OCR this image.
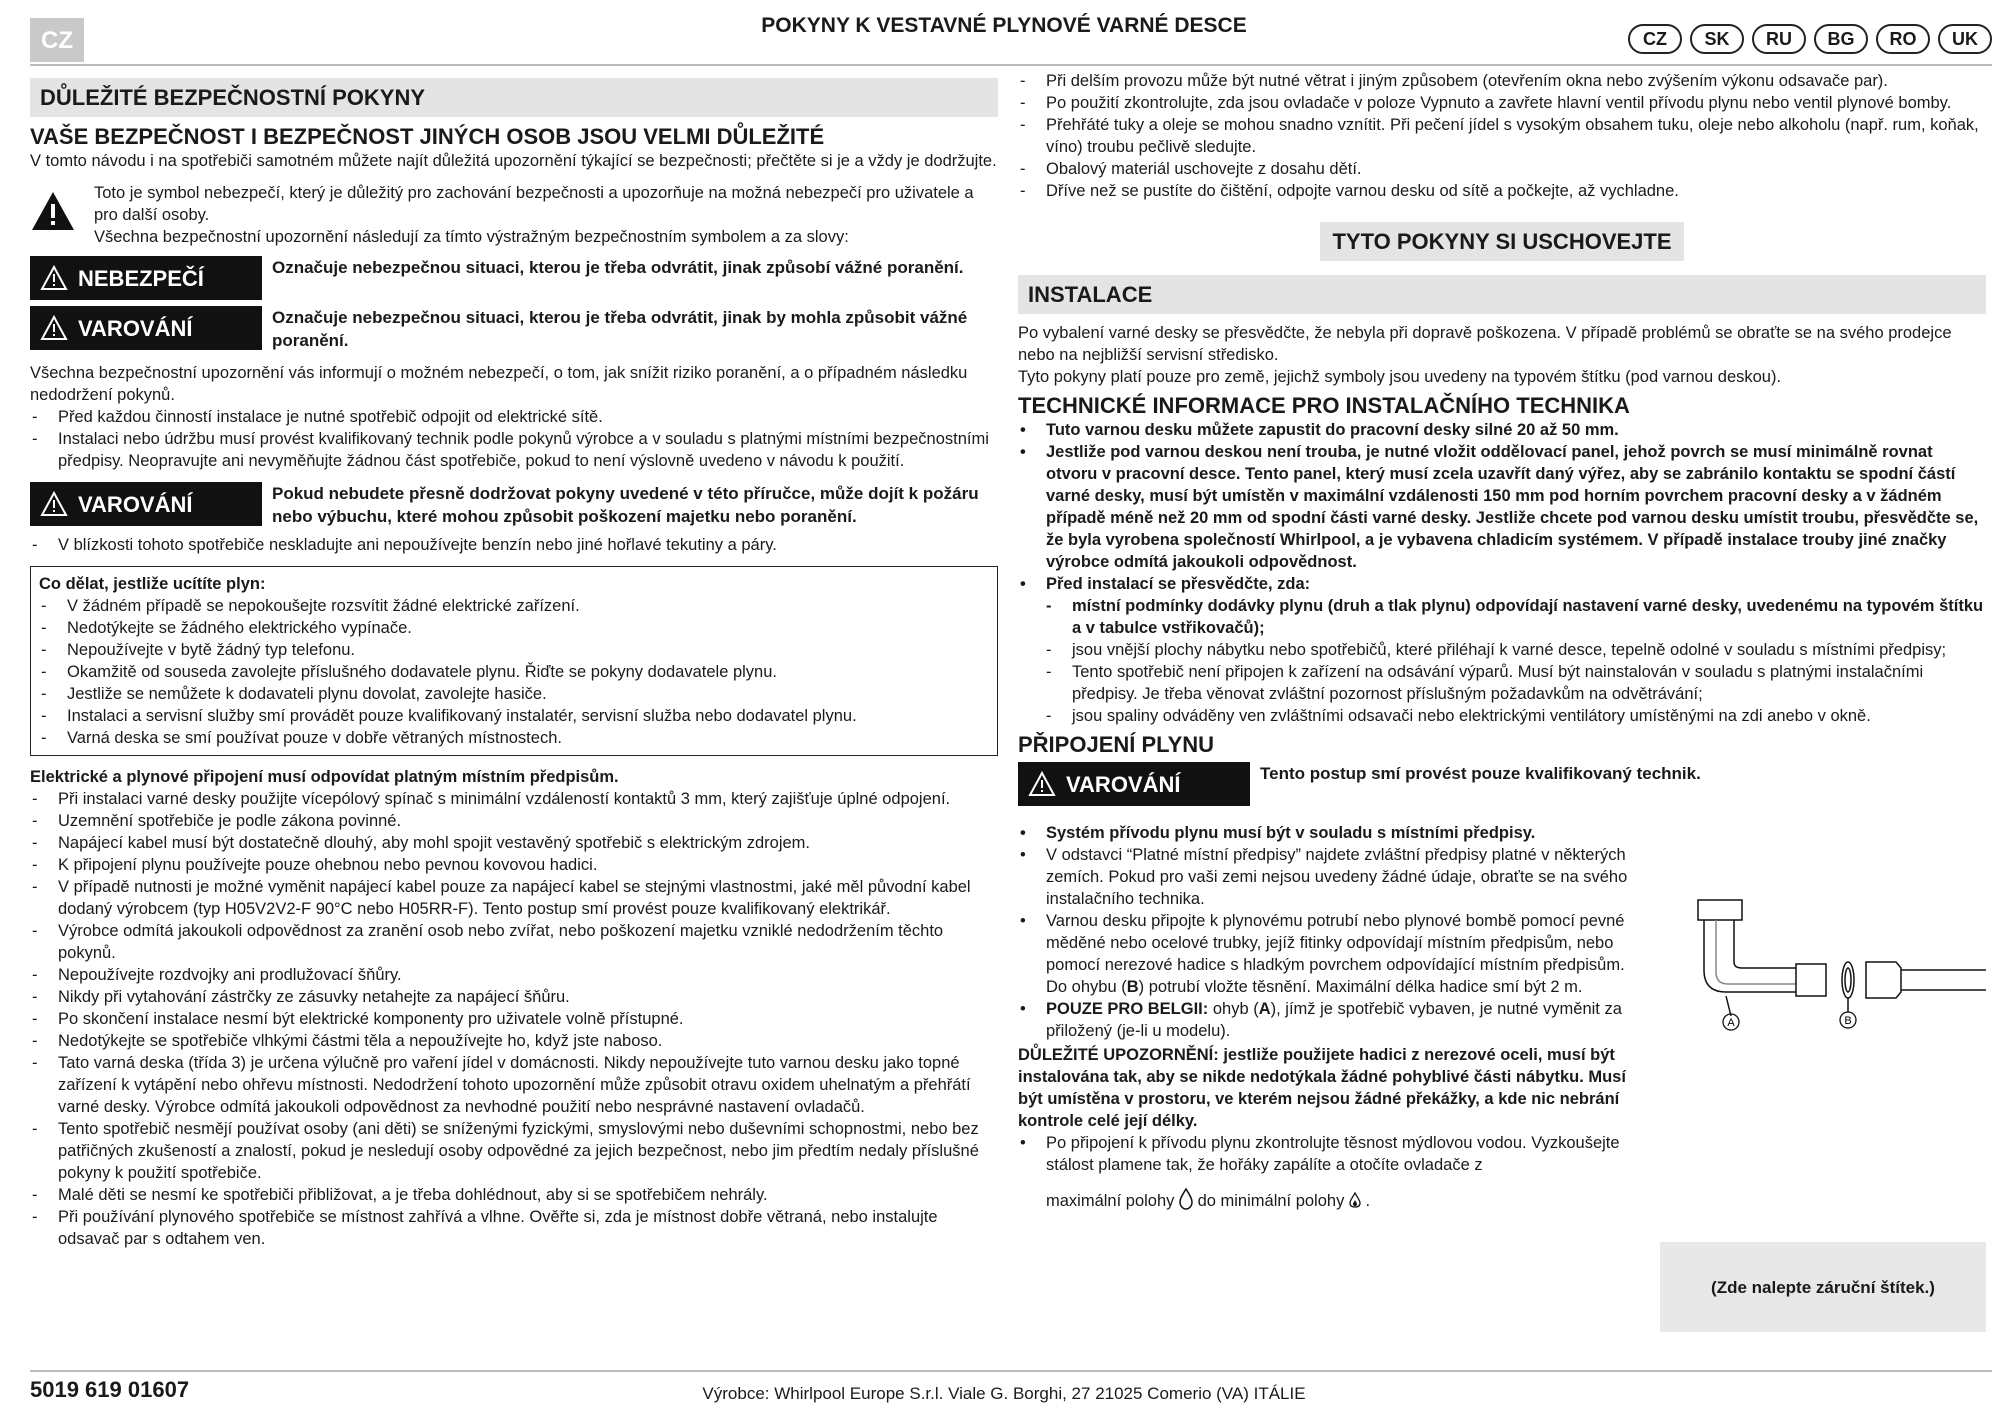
CZ
POKYNY K VESTAVNÉ PLYNOVÉ VARNÉ DESCE
CZ	SK	RU	BG	RO	UK
DŮLEŽITÉ BEZPEČNOSTNÍ POKYNY
VAŠE BEZPEČNOST I BEZPEČNOST JINÝCH OSOB JSOU VELMI DŮLEŽITÉ

V tomto návodu i na spotřebiči samotném můžete najít důležitá upozornění týkající se bezpečnosti; přečtěte si je a vždy je dodržujte.

Toto je symbol nebezpečí, který je důležitý pro zachování bezpečnosti a upozorňuje na možná nebezpečí pro uživatele a pro další osoby.

Všechna bezpečnostní upozornění následují za tímto výstražným bezpečnostním symbolem a za slovy:

NEBEZPEČÍ	Označuje nebezpečnou situaci, kterou je třeba odvrátit, jinak způsobí vážné poranění.
VAROVÁNÍ	Označuje nebezpečnou situaci, kterou je třeba odvrátit, jinak by mohla způsobit vážné poranění.

Všechna bezpečnostní upozornění vás informují o možném nebezpečí, o tom, jak snížit riziko poranění, a o případném následku nedodržení pokynů.

- Před každou činností instalace je nutné spotřebič odpojit od elektrické sítě.
- Instalaci nebo údržbu musí provést kvalifikovaný technik podle pokynů výrobce a v souladu s platnými místními bezpečnostními předpisy. Neopravujte ani nevyměňujte žádnou část spotřebiče, pokud to není výslovně uvedeno v návodu k použití.
VAROVÁNÍ	Pokud nebudete přesně dodržovat pokyny uvedené v této příručce, může dojít k požáru nebo výbuchu, které mohou způsobit poškození majetku nebo poranění.
- V blízkosti tohoto spotřebiče neskladujte ani nepoužívejte benzín nebo jiné hořlavé tekutiny a páry.

Co dělat, jestliže ucítíte plyn:

- V žádném případě se nepokoušejte rozsvítit žádné elektrické zařízení.
- Nedotýkejte se žádného elektrického vypínače.
- Nepoužívejte v bytě žádný typ telefonu.
- Okamžitě od souseda zavolejte příslušného dodavatele plynu. Řiďte se pokyny dodavatele plynu.
- Jestliže se nemůžete k dodavateli plynu dovolat, zavolejte hasiče.
- Instalaci a servisní služby smí provádět pouze kvalifikovaný instalatér, servisní služba nebo dodavatel plynu.
- Varná deska se smí používat pouze v dobře větraných místnostech.

Elektrické a plynové připojení musí odpovídat platným místním předpisům.

- Při instalaci varné desky použijte vícepólový spínač s minimální vzdáleností kontaktů 3 mm, který zajišťuje úplné odpojení.
- Uzemnění spotřebiče je podle zákona povinné.
- Napájecí kabel musí být dostatečně dlouhý, aby mohl spojit vestavěný spotřebič s elektrickým zdrojem.
- K připojení plynu používejte pouze ohebnou nebo pevnou kovovou hadici.
- V případě nutnosti je možné vyměnit napájecí kabel pouze za napájecí kabel se stejnými vlastnostmi, jaké měl původní kabel dodaný výrobcem (typ H05V2V2-F 90°C nebo H05RR-F). Tento postup smí provést pouze kvalifikovaný elektrikář.
- Výrobce odmítá jakoukoli odpovědnost za zranění osob nebo zvířat, nebo poškození majetku vzniklé nedodržením těchto pokynů.
- Nepoužívejte rozdvojky ani prodlužovací šňůry.
- Nikdy při vytahování zástrčky ze zásuvky netahejte za napájecí šňůru.
- Po skončení instalace nesmí být elektrické komponenty pro uživatele volně přístupné.
- Nedotýkejte se spotřebiče vlhkými částmi těla a nepoužívejte ho, když jste naboso.
- Tato varná deska (třída 3) je určena výlučně pro vaření jídel v domácnosti. Nikdy nepoužívejte tuto varnou desku jako topné zařízení k vytápění nebo ohřevu místnosti. Nedodržení tohoto upozornění může způsobit otravu oxidem uhelnatým a přehřátí varné desky. Výrobce odmítá jakoukoli odpovědnost za nevhodné použití nebo nesprávné nastavení ovladačů.
- Tento spotřebič nesmějí používat osoby (ani děti) se sníženými fyzickými, smyslovými nebo duševními schopnostmi, nebo bez patřičných zkušeností a znalostí, pokud je nesledují osoby odpovědné za jejich bezpečnost, nebo jim předtím nedaly příslušné pokyny k použití spotřebiče.
- Malé děti se nesmí ke spotřebiči přibližovat, a je třeba dohlédnout, aby si se spotřebičem nehrály.
- Při používání plynového spotřebiče se místnost zahřívá a vlhne. Ověřte si, zda je místnost dobře větraná, nebo instalujte odsavač par s odtahem ven.
- Při delším provozu může být nutné větrat i jiným způsobem (otevřením okna nebo zvýšením výkonu odsavače par).
- Po použití zkontrolujte, zda jsou ovladače v poloze Vypnuto a zavřete hlavní ventil přívodu plynu nebo ventil plynové bomby.
- Přehřáté tuky a oleje se mohou snadno vznítit. Při pečení jídel s vysokým obsahem tuku, oleje nebo alkoholu (např. rum, koňak, víno) troubu pečlivě sledujte.
- Obalový materiál uschovejte z dosahu dětí.
- Dříve než se pustíte do čištění, odpojte varnou desku od sítě a počkejte, až vychladne.
TYTO POKYNY SI USCHOVEJTE
INSTALACE

Po vybalení varné desky se přesvědčte, že nebyla při dopravě poškozena. V případě problémů se obraťte se na svého prodejce nebo na nejbližší servisní středisko.

Tyto pokyny platí pouze pro země, jejichž symboly jsou uvedeny na typovém štítku (pod varnou deskou).

TECHNICKÉ INFORMACE PRO INSTALAČNÍHO TECHNIKA
• Tuto varnou desku můžete zapustit do pracovní desky silné 20 až 50 mm.
• Jestliže pod varnou deskou není trouba, je nutné vložit oddělovací panel, jehož povrch se musí minimálně rovnat otvoru v pracovní desce. Tento panel, který musí zcela uzavřít daný výřez, aby se zabránilo kontaktu se spodní částí varné desky, musí být umístěn v maximální vzdálenosti 150 mm pod horním povrchem pracovní desky a v žádném případě méně než 20 mm od spodní části varné desky. Jestliže chcete pod varnou desku umístit troubu, přesvědčte se, že byla vyrobena společností Whirlpool, a je vybavena chladicím systémem. V případě instalace trouby jiné značky výrobce odmítá jakoukoli odpovědnost.
• Před instalací se přesvědčte, zda:
- místní podmínky dodávky plynu (druh a tlak plynu) odpovídají nastavení varné desky, uvedenému na typovém štítku a v tabulce vstřikovačů);
- jsou vnější plochy nábytku nebo spotřebičů, které přiléhají k varné desce, tepelně odolné v souladu s místními předpisy;
- Tento spotřebič není připojen k zařízení na odsávání výparů. Musí být nainstalován v souladu s platnými instalačními předpisy. Je třeba věnovat zvláštní pozornost příslušným požadavkům na odvětrávání;
- jsou spaliny odváděny ven zvláštními odsavači nebo elektrickými ventilátory umístěnými na zdi anebo v okně.
PŘIPOJENÍ PLYNU
VAROVÁNÍ	Tento postup smí provést pouze kvalifikovaný technik.
• Systém přívodu plynu musí být v souladu s místními předpisy.
• V odstavci “Platné místní předpisy” najdete zvláštní předpisy platné v některých zemích. Pokud pro vaši zemi nejsou uvedeny žádné údaje, obraťte se na svého instalačního technika.
• Varnou desku připojte k plynovému potrubí nebo plynové bombě pomocí pevné měděné nebo ocelové trubky, jejíž fitinky odpovídají místním předpisům, nebo pomocí nerezové hadice s hladkým povrchem odpovídající místním předpisům. Do ohybu (B) potrubí vložte těsnění. Maximální délka hadice smí být 2 m.
• POUZE PRO BELGII: ohyb (A), jímž je spotřebič vybaven, je nutné vyměnit za přiložený (je-li u modelu).

DŮLEŽITÉ UPOZORNĚNÍ: jestliže použijete hadici z nerezové oceli, musí být instalována tak, aby se nikde nedotýkala žádné pohyblivé části nábytku. Musí být umístěna v prostoru, ve kterém nejsou žádné překážky, a kde nic nebrání kontrole celé její délky.

• Po připojení k přívodu plynu zkontrolujte těsnost mýdlovou vodou. Vyzkoušejte stálost plamene tak, že hořáky zapálíte a otočíte ovladače z
maximální polohy  do minimální polohy .
A	B
(Zde nalepte záruční štítek.)
5019 619 01607	Výrobce: Whirlpool Europe S.r.l. Viale G. Borghi, 27 21025 Comerio (VA) ITÁLIE
